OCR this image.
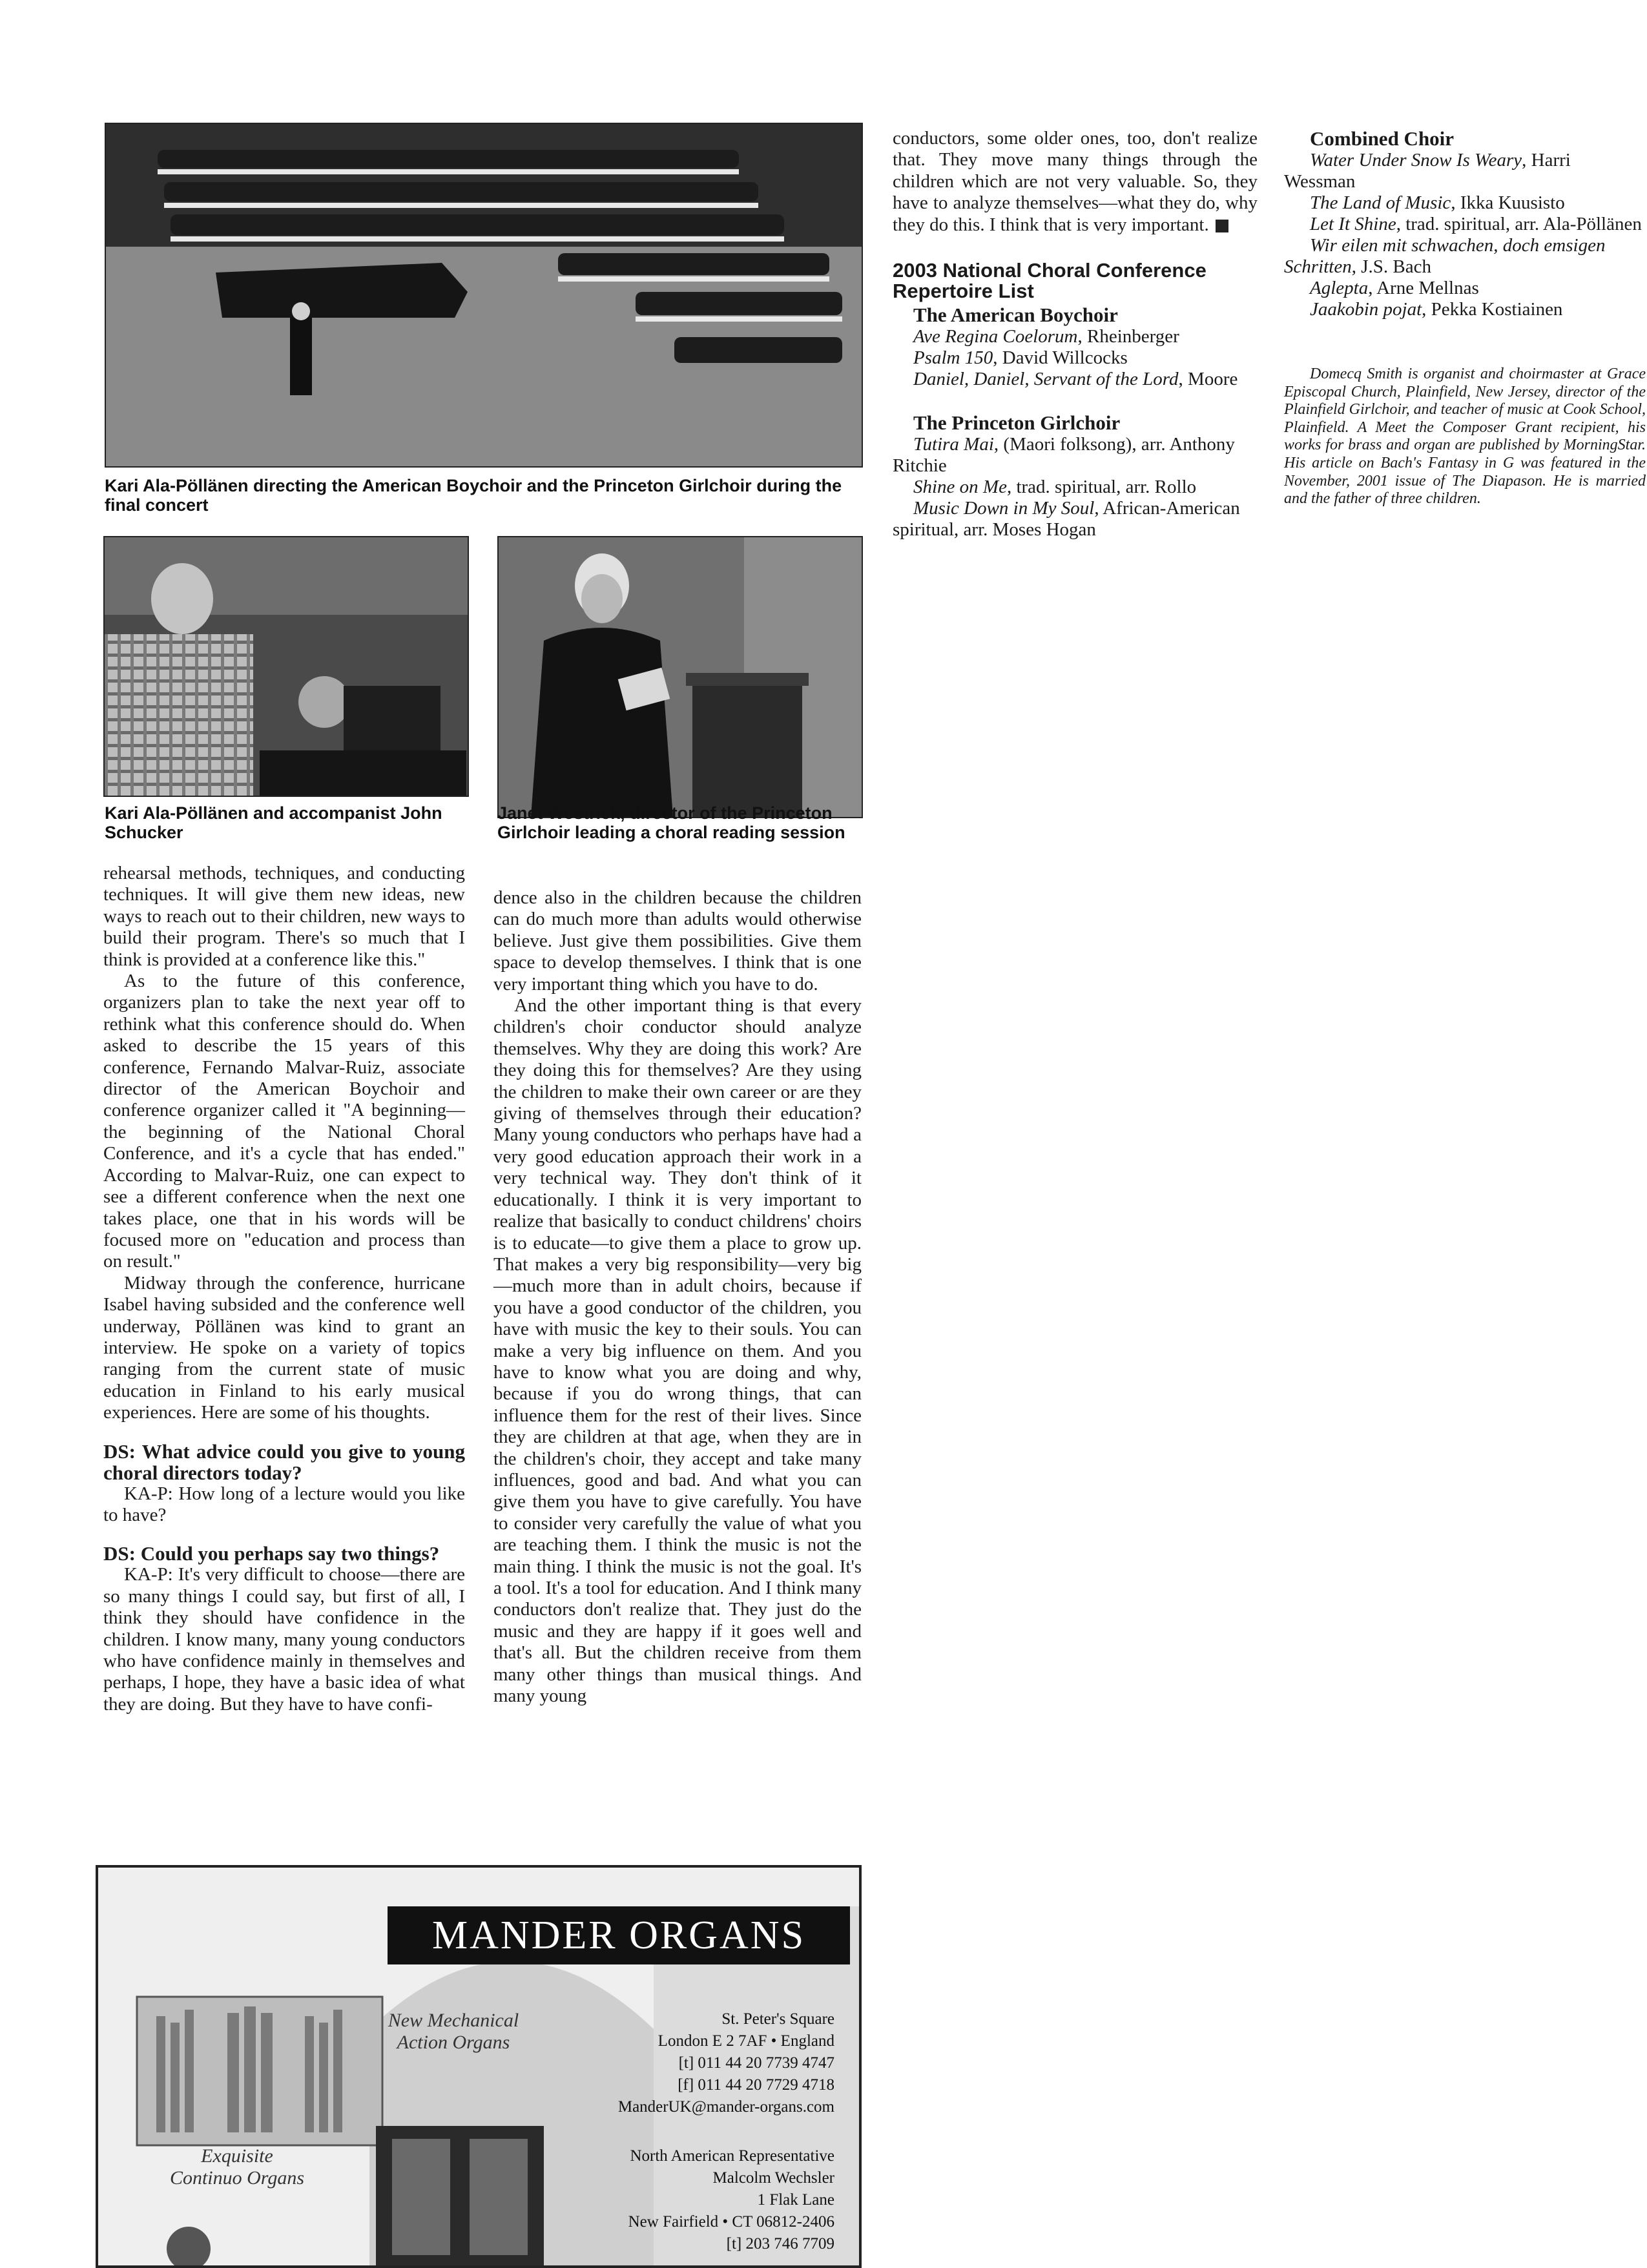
Kari Ala-Pöllänen directing the American Boychoir and the Princeton Girlchoir during the final concert
Kari Ala-Pöllänen and accompanist John Schucker
Janet Westrick, director of the Princeton Girlchoir leading a choral reading session

rehearsal methods, techniques, and conducting techniques. It will give them new ideas, new ways to reach out to their children, new ways to build their program. There's so much that I think is provided at a conference like this."

As to the future of this conference, organizers plan to take the next year off to rethink what this conference should do. When asked to describe the 15 years of this conference, Fernando Malvar-Ruiz, associate director of the American Boychoir and conference organizer called it "A beginning—the beginning of the National Choral Conference, and it's a cycle that has ended." According to Malvar-Ruiz, one can expect to see a different conference when the next one takes place, one that in his words will be focused more on "education and process than on result."

Midway through the conference, hurricane Isabel having subsided and the conference well underway, Pöllänen was kind to grant an interview. He spoke on a variety of topics ranging from the current state of music education in Finland to his early musical experiences. Here are some of his thoughts.

DS: What advice could you give to young choral directors today?

KA-P: How long of a lecture would you like to have?

DS: Could you perhaps say two things?

KA-P: It's very difficult to choose—there are so many things I could say, but first of all, I think they should have confidence in the children. I know many, many young conductors who have confidence mainly in themselves and perhaps, I hope, they have a basic idea of what they are doing. But they have to have confi-

dence also in the children because the children can do much more than adults would otherwise believe. Just give them possibilities. Give them space to develop themselves. I think that is one very important thing which you have to do.

And the other important thing is that every children's choir conductor should analyze themselves. Why they are doing this work? Are they doing this for themselves? Are they using the children to make their own career or are they giving of themselves through their education? Many young conductors who perhaps have had a very good education approach their work in a very technical way. They don't think of it educationally. I think it is very important to realize that basically to conduct childrens' choirs is to educate—to give them a place to grow up. That makes a very big responsibility—very big—much more than in adult choirs, because if you have a good conductor of the children, you have with music the key to their souls. You can make a very big influence on them. And you have to know what you are doing and why, because if you do wrong things, that can influence them for the rest of their lives. Since they are children at that age, when they are in the children's choir, they accept and take many influences, good and bad. And what you can give them you have to give carefully. You have to consider very carefully the value of what you are teaching them. I think the music is not the main thing. I think the music is not the goal. It's a tool. It's a tool for education. And I think many conductors don't realize that. They just do the music and they are happy if it goes well and that's all. But the children receive from them many other things than musical things. And many young

conductors, some older ones, too, don't realize that. They move many things through the children which are not very valuable. So, they have to analyze themselves—what they do, why they do this. I think that is very important.
2003 National Choral Conference Repertoire List
The American Boychoir
Ave Regina Coelorum, Rheinberger
Psalm 150, David Willcocks
Daniel, Daniel, Servant of the Lord, Moore
The Princeton Girlchoir
Tutira Mai, (Maori folksong), arr. Anthony Ritchie
Shine on Me, trad. spiritual, arr. Rollo
Music Down in My Soul, African-American spiritual, arr. Moses Hogan
Combined Choir
Water Under Snow Is Weary, Harri Wessman
The Land of Music, Ikka Kuusisto
Let It Shine, trad. spiritual, arr. Ala-Pöllänen
Wir eilen mit schwachen, doch emsigen Schritten, J.S. Bach
Aglepta, Arne Mellnas
Jaakobin pojat, Pekka Kostiainen
Domecq Smith is organist and choirmaster at Grace Episcopal Church, Plainfield, New Jersey, director of the Plainfield Girlchoir, and teacher of music at Cook School, Plainfield. A Meet the Composer Grant recipient, his works for brass and organ are published by MorningStar. His article on Bach's Fantasy in G was featured in the November, 2001 issue of The Diapason. He is married and the father of three children.
MANDER ORGANS
New Mechanical Action Organs
Exquisite Continuo Organs
St. Peter's Square
London E 2 7AF • England
[t] 011 44 20 7739 4747
[f] 011 44 20 7729 4718
ManderUK@mander-organs.com
North American Representative
Malcolm Wechsler
1 Flak Lane
New Fairfield • CT 06812-2406
[t] 203 746 7709
